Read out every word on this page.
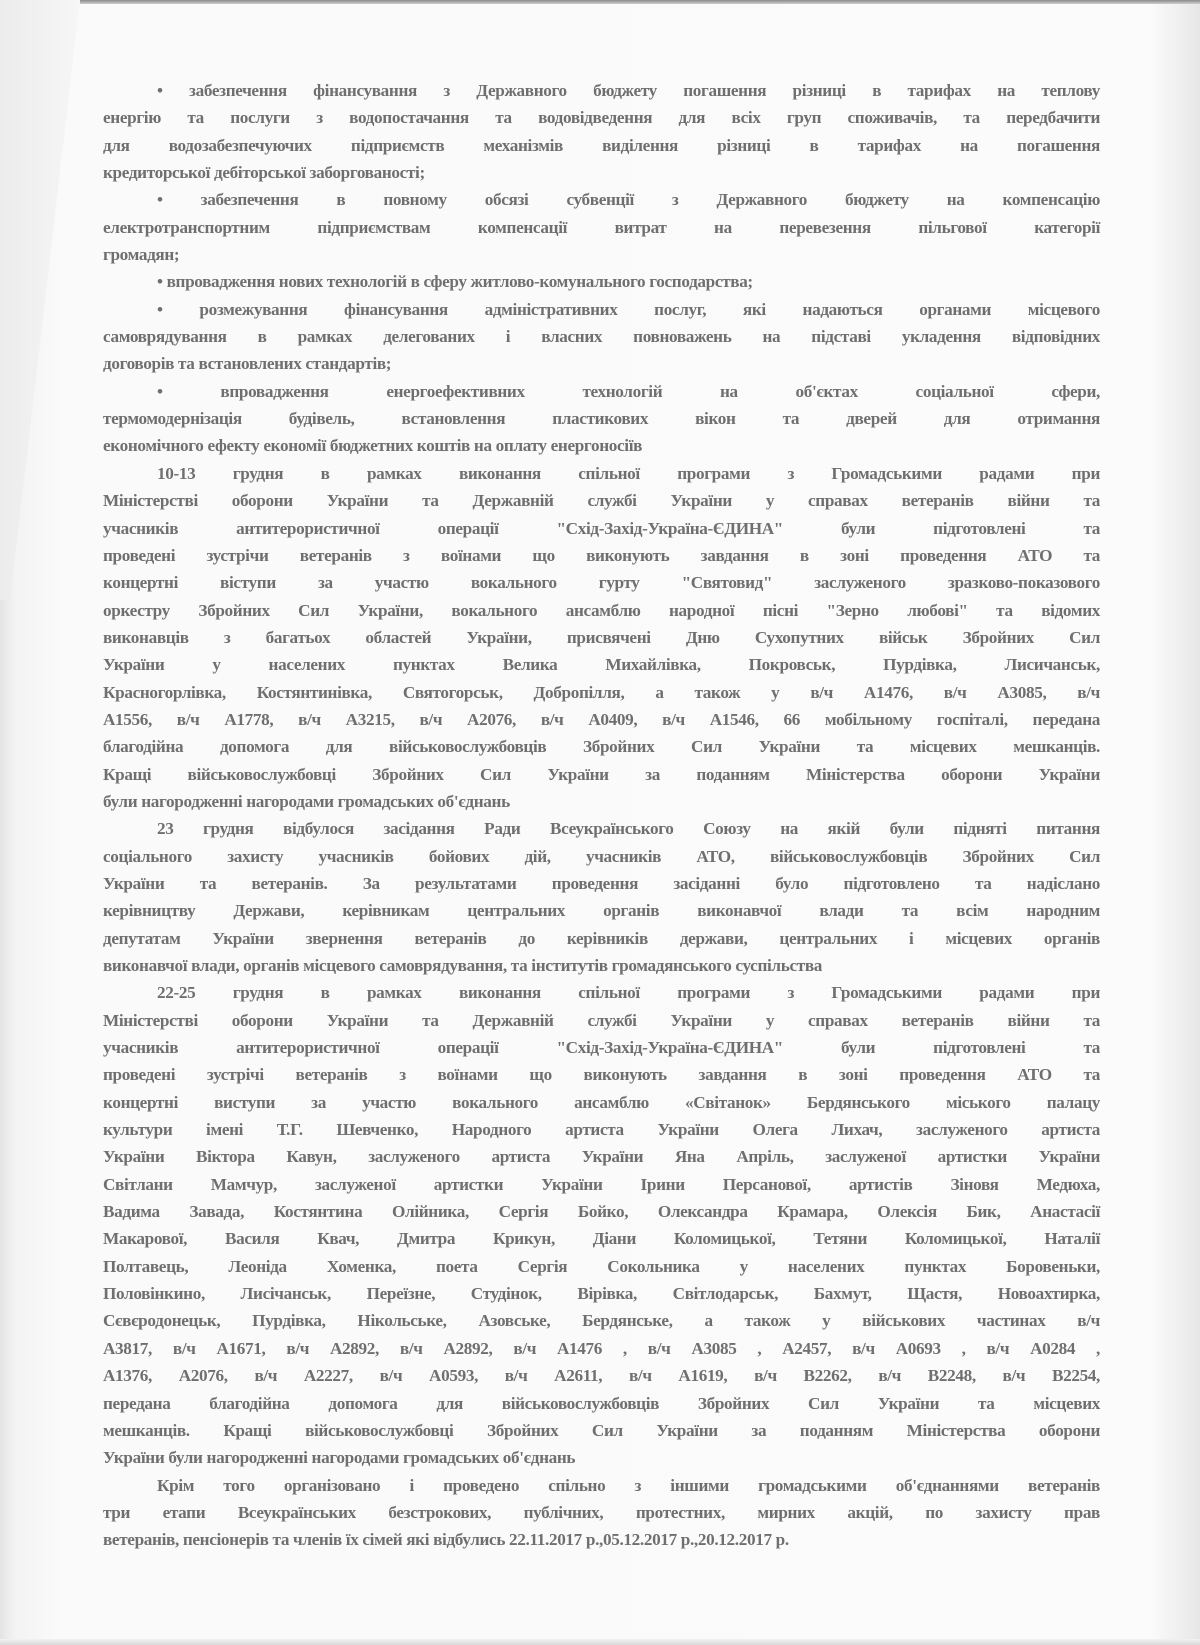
• забезпечення фінансування з Державного бюджету погашення різниці в тарифах на теплову
енергію та послуги з водопостачання та водовідведення для всіх груп споживачів, та передбачити
для водозабезпечуючих підприємств механізмів виділення різниці в тарифах на погашення
кредиторської дебіторської заборгованості;
• забезпечення в повному обсязі субвенції з Державного бюджету на компенсацію
електротранспортним підприємствам компенсації витрат на перевезення пільгової категорії
громадян;
• впровадження нових технологій в сферу житлово-комунального господарства;
• розмежування фінансування адміністративних послуг, які надаються органами місцевого
самоврядування в рамках делегованих і власних повноважень на підставі укладення відповідних
договорів та встановлених стандартів;
• впровадження енергоефективних технологій на об'єктах соціальної сфери,
термомодернізація будівель, встановлення пластикових вікон та дверей для отримання
економічного ефекту економії бюджетних коштів на оплату енергоносіїв
10-13 грудня в рамках виконання спільної програми з Громадськими радами при
Міністерстві оборони України та Державній службі України у справах ветеранів війни та
учасників антитерористичної операції "Схід-Захід-Україна-ЄДИНА" були підготовлені та
проведені зустрічи ветеранів з воїнами що виконують завдання в зоні проведення АТО та
концертні віступи за участю вокального гурту "Святовид" заслуженого зразково-показового
оркестру Збройних Сил України, вокального ансамблю народної пісні "Зерно любові" та відомих
виконавців з багатьох областей України, присвячені Дню Сухопутних військ Збройних Сил
України у населених пунктах Велика Михайлівка, Покровськ, Пурдівка, Лисичанськ,
Красногорлівка, Костянтинівка, Святогорськ, Добропілля, а також у в/ч А1476, в/ч А3085, в/ч
А1556, в/ч А1778, в/ч А3215, в/ч А2076, в/ч А0409, в/ч А1546, 66 мобільному госпіталі, передана
благодійна допомога для військовослужбовців Збройних Сил України та місцевих мешканців.
Кращі військовослужбовці Збройних Сил України за поданням Міністерства оборони України
були нагородженні нагородами громадських об'єднань
23 грудня відбулося засідання Ради Всеукраїнського Союзу на якій були підняті питання
соціального захисту учасників бойових дій, учасників АТО, військовослужбовців Збройних Сил
України та ветеранів. За результатами проведення засіданні було підготовлено та надіслано
керівництву Держави, керівникам центральних органів виконавчої влади та всім народним
депутатам України звернення ветеранів до керівників держави, центральних і місцевих органів
виконавчої влади, органів місцевого самоврядування, та інститутів громадянського суспільства
22-25 грудня в рамках виконання спільної програми з Громадськими радами при
Міністерстві оборони України та Державній службі України у справах ветеранів війни та
учасників антитерористичної операції "Схід-Захід-Україна-ЄДИНА" були підготовлені та
проведені зустрічі ветеранів з воїнами що виконують завдання в зоні проведення АТО та
концертні виступи за участю вокального ансамблю «Світанок» Бердянського міського палацу
культури імені Т.Г. Шевченко, Народного артиста України Олега Лихач, заслуженого артиста
України Віктора Кавун, заслуженого артиста України Яна Апріль, заслуженої артистки України
Світлани Мамчур, заслуженої артистки України Ірини Персанової, артистів Зіновя Медюха,
Вадима Завада, Костянтина Олійника, Сергія Бойко, Олександра Крамара, Олексія Бик, Анастасії
Макарової, Василя Квач, Дмитра Крикун, Діани Коломицької, Тетяни Коломицької, Наталії
Полтавець, Леоніда Хоменка, поета Сергія Сокольника у населених пунктах Боровеньки,
Половінкино, Лисічанськ, Переїзне, Студінок, Вірівка, Світлодарськ, Бахмут, Щастя, Новоахтирка,
Сєвєродонецьк, Пурдівка, Нікольське, Азовське, Бердянське, а також у військових частинах в/ч
А3817, в/ч А1671, в/ч А2892, в/ч А2892, в/ч А1476 , в/ч А3085 , А2457, в/ч А0693 , в/ч А0284 ,
А1376, А2076, в/ч А2227, в/ч А0593, в/ч А2611, в/ч А1619, в/ч В2262, в/ч В2248, в/ч В2254,
передана благодійна допомога для військовослужбовців Збройних Сил України та місцевих
мешканців. Кращі військовослужбовці Збройних Сил України за поданням Міністерства оборони
України були нагородженні нагородами громадських об'єднань
Крім того організовано і проведено спільно з іншими громадськими об'єднаннями ветеранів
три етапи Всеукраїнських безстрокових, публічних, протестних, мирних акцій, по захисту прав
ветеранів, пенсіонерів та членів їх сімей які відбулись 22.11.2017 р.,05.12.2017 р.,20.12.2017 р.
